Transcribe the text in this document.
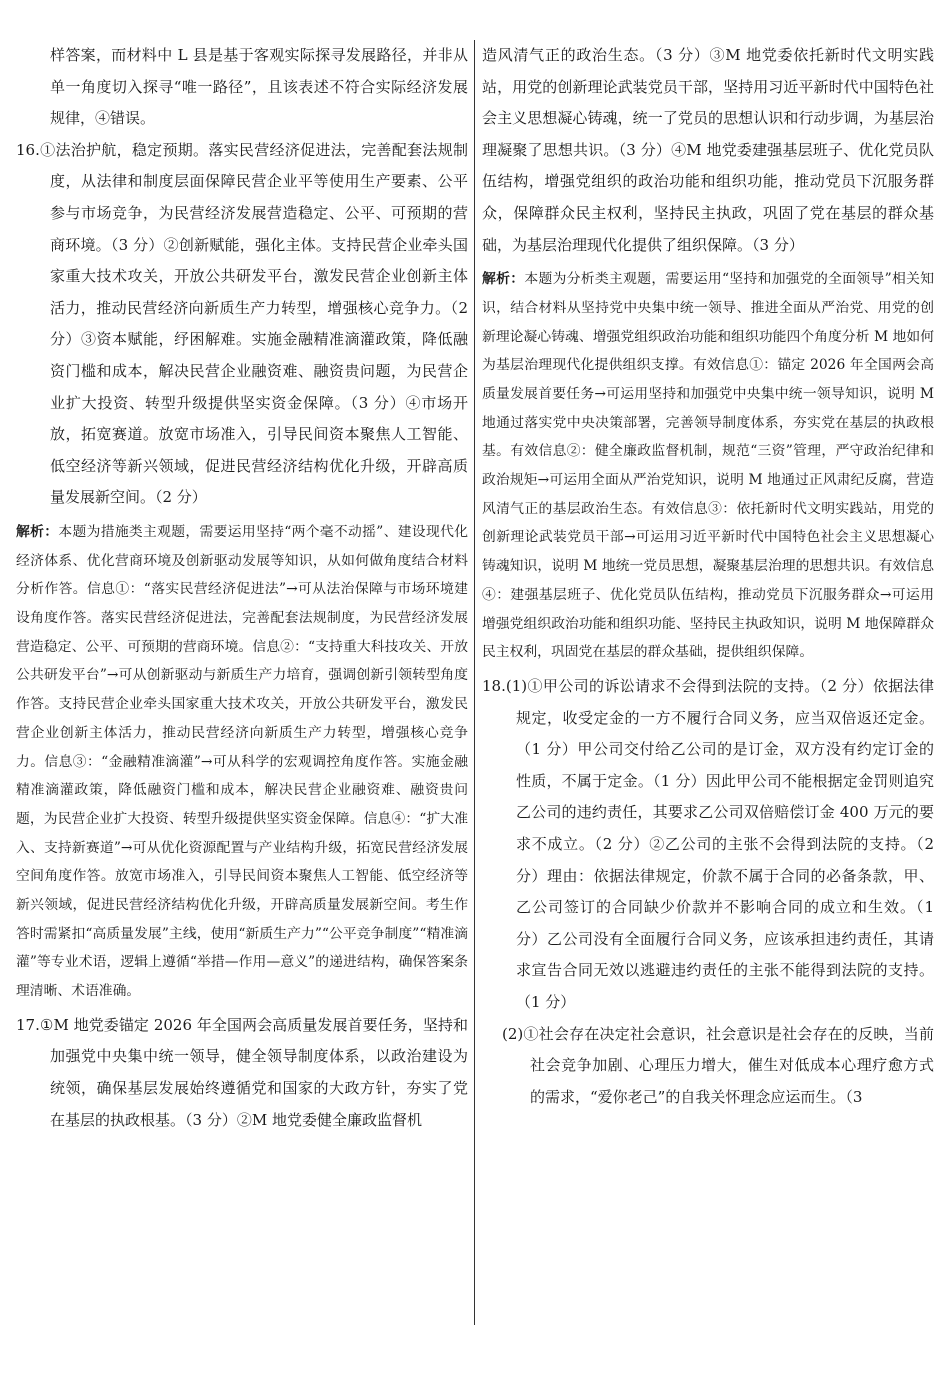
样答案，而材料中 L 县是基于客观实际探寻发展路径，并非从单一角度切入探寻“唯一路径”，且该表述不符合实际经济发展规律，④错误。

16.①法治护航，稳定预期。落实民营经济促进法，完善配套法规制度，从法律和制度层面保障民营企业平等使用生产要素、公平参与市场竞争，为民营经济发展营造稳定、公平、可预期的营商环境。（3 分）②创新赋能，强化主体。支持民营企业牵头国家重大技术攻关，开放公共研发平台，激发民营企业创新主体活力，推动民营经济向新质生产力转型，增强核心竞争力。（2 分）③资本赋能，纾困解难。实施金融精准滴灌政策，降低融资门槛和成本，解决民营企业融资难、融资贵问题，为民营企业扩大投资、转型升级提供坚实资金保障。（3 分）④市场开放，拓宽赛道。放宽市场准入，引导民间资本聚焦人工智能、低空经济等新兴领域，促进民营经济结构优化升级，开辟高质量发展新空间。（2 分）

解析：本题为措施类主观题，需要运用坚持“两个毫不动摇”、建设现代化经济体系、优化营商环境及创新驱动发展等知识，从如何做角度结合材料分析作答。信息①：“落实民营经济促进法”→可从法治保障与市场环境建设角度作答。落实民营经济促进法，完善配套法规制度，为民营经济发展营造稳定、公平、可预期的营商环境。信息②：“支持重大科技攻关、开放公共研发平台”→可从创新驱动与新质生产力培育，强调创新引领转型角度作答。支持民营企业牵头国家重大技术攻关，开放公共研发平台，激发民营企业创新主体活力，推动民营经济向新质生产力转型，增强核心竞争力。信息③：“金融精准滴灌”→可从科学的宏观调控角度作答。实施金融精准滴灌政策，降低融资门槛和成本，解决民营企业融资难、融资贵问题，为民营企业扩大投资、转型升级提供坚实资金保障。信息④：“扩大准入、支持新赛道”→可从优化资源配置与产业结构升级，拓宽民营经济发展空间角度作答。放宽市场准入，引导民间资本聚焦人工智能、低空经济等新兴领域，促进民营经济结构优化升级，开辟高质量发展新空间。考生作答时需紧扣“高质量发展”主线，使用“新质生产力”“公平竞争制度”“精准滴灌”等专业术语，逻辑上遵循“举措—作用—意义”的递进结构，确保答案条理清晰、术语准确。

17.①M 地党委锚定 2026 年全国两会高质量发展首要任务，坚持和加强党中央集中统一领导，健全领导制度体系，以政治建设为统领，确保基层发展始终遵循党和国家的大政方针，夯实了党在基层的执政根基。（3 分）②M 地党委健全廉政监督机

造风清气正的政治生态。（3 分）③M 地党委依托新时代文明实践站，用党的创新理论武装党员干部，坚持用习近平新时代中国特色社会主义思想凝心铸魂，统一了党员的思想认识和行动步调，为基层治理凝聚了思想共识。（3 分）④M 地党委建强基层班子、优化党员队伍结构，增强党组织的政治功能和组织功能，推动党员下沉服务群众，保障群众民主权利，坚持民主执政，巩固了党在基层的群众基础，为基层治理现代化提供了组织保障。（3 分）

解析：本题为分析类主观题，需要运用“坚持和加强党的全面领导”相关知识，结合材料从坚持党中央集中统一领导、推进全面从严治党、用党的创新理论凝心铸魂、增强党组织政治功能和组织功能四个角度分析 M 地如何为基层治理现代化提供组织支撑。有效信息①：锚定 2026 年全国两会高质量发展首要任务→可运用坚持和加强党中央集中统一领导知识，说明 M 地通过落实党中央决策部署，完善领导制度体系，夯实党在基层的执政根基。有效信息②：健全廉政监督机制，规范“三资”管理，严守政治纪律和政治规矩→可运用全面从严治党知识，说明 M 地通过正风肃纪反腐，营造风清气正的基层政治生态。有效信息③：依托新时代文明实践站，用党的创新理论武装党员干部→可运用习近平新时代中国特色社会主义思想凝心铸魂知识，说明 M 地统一党员思想，凝聚基层治理的思想共识。有效信息④：建强基层班子、优化党员队伍结构，推动党员下沉服务群众→可运用增强党组织政治功能和组织功能、坚持民主执政知识，说明 M 地保障群众民主权利，巩固党在基层的群众基础，提供组织保障。

18.(1)①甲公司的诉讼请求不会得到法院的支持。（2 分）依据法律规定，收受定金的一方不履行合同义务，应当双倍返还定金。（1 分）甲公司交付给乙公司的是订金，双方没有约定订金的性质，不属于定金。（1 分）因此甲公司不能根据定金罚则追究乙公司的违约责任，其要求乙公司双倍赔偿订金 400 万元的要求不成立。（2 分）②乙公司的主张不会得到法院的支持。（2 分）理由：依据法律规定，价款不属于合同的必备条款，甲、乙公司签订的合同缺少价款并不影响合同的成立和生效。（1 分）乙公司没有全面履行合同义务，应该承担违约责任，其请求宣告合同无效以逃避违约责任的主张不能得到法院的支持。（1 分）

(2)①社会存在决定社会意识，社会意识是社会存在的反映，当前社会竞争加剧、心理压力增大，催生对低成本心理疗愈方式的需求，“爱你老己”的自我关怀理念应运而生。（3
